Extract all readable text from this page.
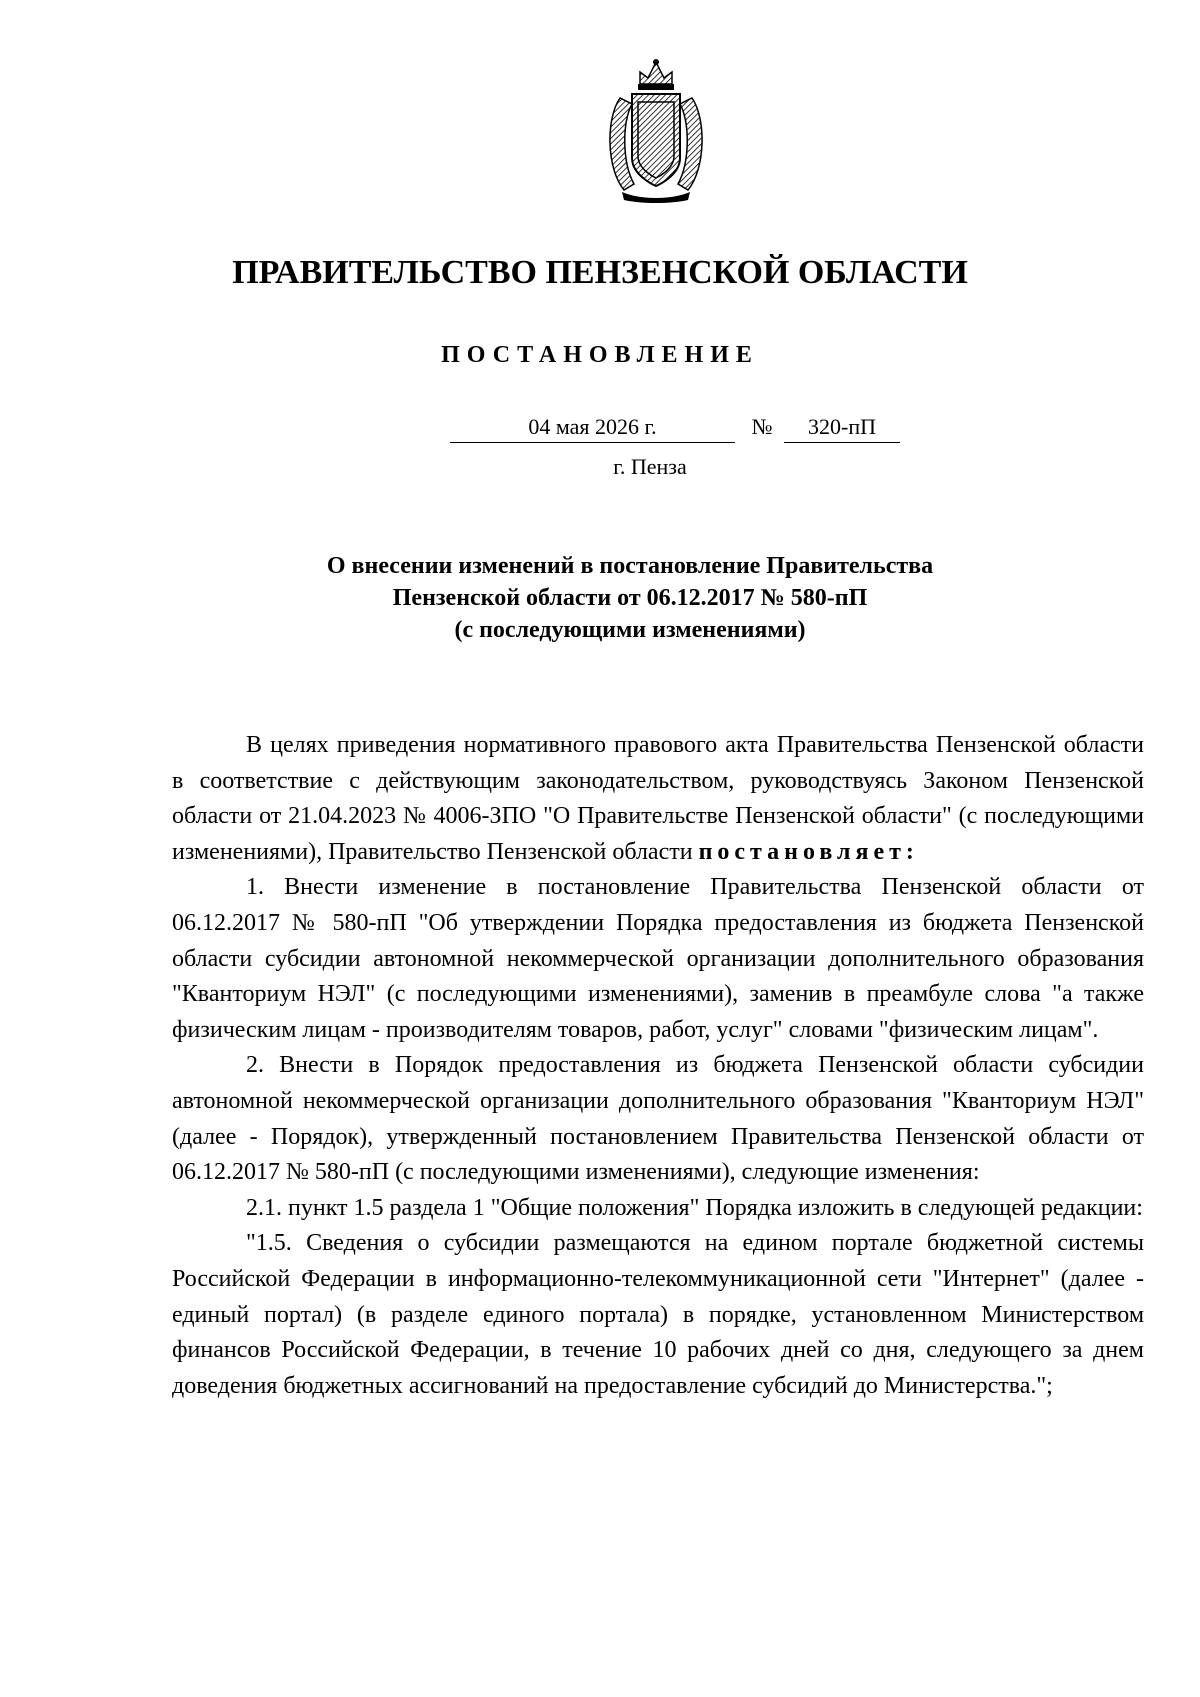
ПРАВИТЕЛЬСТВО ПЕНЗЕНСКОЙ ОБЛАСТИ
ПОСТАНОВЛЕНИЕ
04 мая 2026 г.	№	320-пП
г. Пенза
О внесении изменений в постановление Правительства
Пензенской области от 06.12.2017 № 580-пП
(с последующими изменениями)

В целях приведения нормативного правового акта Правительства Пензенской области в соответствие с действующим законодательством, руководствуясь Законом Пензенской области от 21.04.2023 № 4006-ЗПО "О Правительстве Пензенской области" (с последующими изменениями), Правительство Пензенской области постановляет:

1. Внести изменение в постановление Правительства Пензенской области от 06.12.2017 № 580-пП "Об утверждении Порядка предоставления из бюджета Пензенской области субсидии автономной некоммерческой организации дополнительного образования "Кванториум НЭЛ" (с последующими изменениями), заменив в преамбуле слова "а также физическим лицам - производителям товаров, работ, услуг" словами "физическим лицам".

2. Внести в Порядок предоставления из бюджета Пензенской области субсидии автономной некоммерческой организации дополнительного образования "Кванториум НЭЛ" (далее - Порядок), утвержденный постановлением Правительства Пензенской области от 06.12.2017 № 580-пП (с последующими изменениями), следующие изменения:

2.1. пункт 1.5 раздела 1 "Общие положения" Порядка изложить в следующей редакции:

"1.5. Сведения о субсидии размещаются на едином портале бюджетной системы Российской Федерации в информационно-телекоммуникационной сети "Интернет" (далее - единый портал) (в разделе единого портала) в порядке, установленном Министерством финансов Российской Федерации, в течение 10 рабочих дней со дня, следующего за днем доведения бюджетных ассигнований на предоставление субсидий до Министерства.";
